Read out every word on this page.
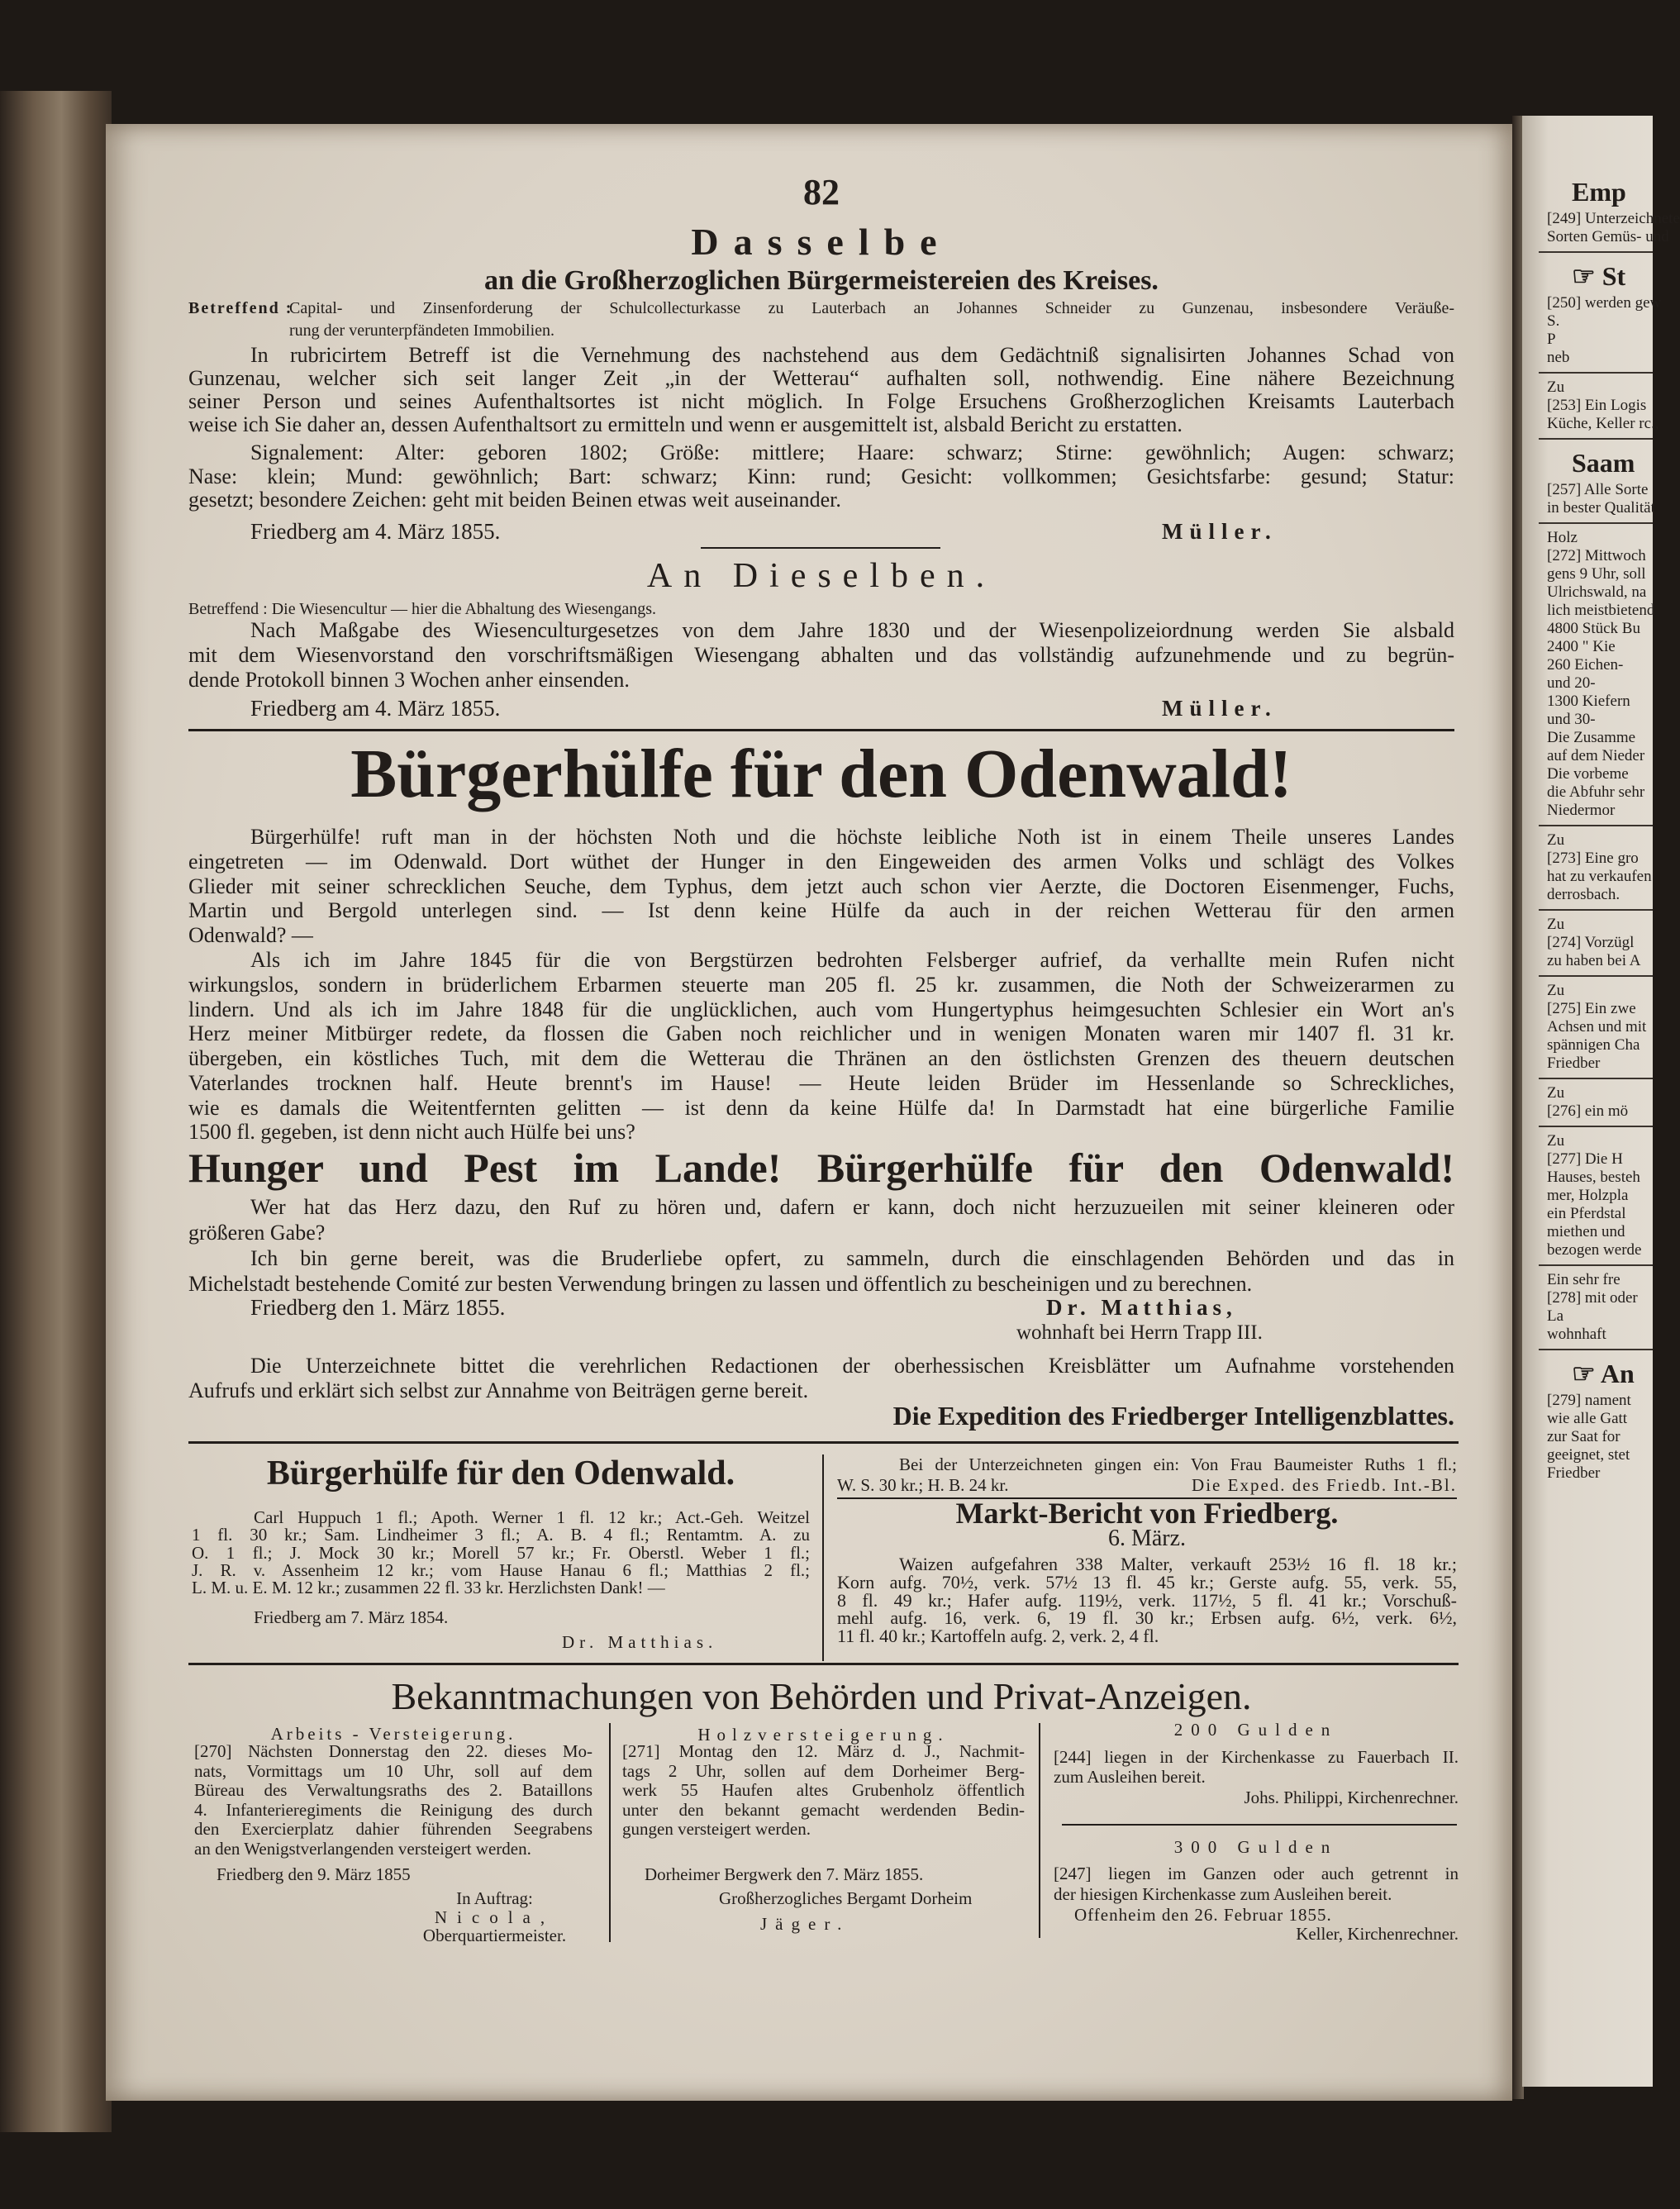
Emp
[249] Unterzeichnete
Sorten Gemüs- und
☞ St
[250] werden gew
S.
P
neb
Zu
[253] Ein Logis
Küche, Keller rc.,
Saam
[257] Alle Sorte
in bester Qualität
Holz
[272] Mittwoch
gens 9 Uhr, soll
Ulrichswald, na
lich meistbietend
4800 Stück Bu
2400 " Kie
260 Eichen-
und 20-
1300 Kiefern
und 30-
Die Zusamme
auf dem Nieder
Die vorbeme
die Abfuhr sehr
Niedermor
Zu
[273] Eine gro
hat zu verkaufen
derrosbach.
Zu
[274] Vorzügl
zu haben bei A
Zu
[275] Ein zwe
Achsen und mit
spännigen Cha
Friedber
Zu
[276] ein mö
Zu
[277] Die H
Hauses, besteh
mer, Holzpla
ein Pferdstal
miethen und
bezogen werde
Ein sehr fre
[278] mit oder
La
wohnhaft
☞ An
[279] nament
wie alle Gatt
zur Saat for
geeignet, stet
Friedber
82
Dasselbe
an die Großherzoglichen Bürgermeistereien des Kreises.
Betreffend :
Capital- und Zinsenforderung der Schulcollecturkasse zu Lauterbach an Johannes Schneider zu Gunzenau, insbesondere Veräuße-
rung der verunterpfändeten Immobilien.
In rubricirtem Betreff ist die Vernehmung des nachstehend aus dem Gedächtniß signalisirten Johannes Schad von
Gunzenau, welcher sich seit langer Zeit „in der Wetterau“ aufhalten soll, nothwendig. Eine nähere Bezeichnung
seiner Person und seines Aufenthaltsortes ist nicht möglich. In Folge Ersuchens Großherzoglichen Kreisamts Lauterbach
weise ich Sie daher an, dessen Aufenthaltsort zu ermitteln und wenn er ausgemittelt ist, alsbald Bericht zu erstatten.
Signalement: Alter: geboren 1802; Größe: mittlere; Haare: schwarz; Stirne: gewöhnlich; Augen: schwarz;
Nase: klein; Mund: gewöhnlich; Bart: schwarz; Kinn: rund; Gesicht: vollkommen; Gesichtsfarbe: gesund; Statur:
gesetzt; besondere Zeichen: geht mit beiden Beinen etwas weit auseinander.
Friedberg am 4. März 1855.	Müller.
An Dieselben.
Betreffend : Die Wiesencultur — hier die Abhaltung des Wiesengangs.
Nach Maßgabe des Wiesenculturgesetzes von dem Jahre 1830 und der Wiesenpolizeiordnung werden Sie alsbald
mit dem Wiesenvorstand den vorschriftsmäßigen Wiesengang abhalten und das vollständig aufzunehmende und zu begrün-
dende Protokoll binnen 3 Wochen anher einsenden.
Friedberg am 4. März 1855.	Müller.
Bürgerhülfe für den Odenwald!
Bürgerhülfe! ruft man in der höchsten Noth und die höchste leibliche Noth ist in einem Theile unseres Landes
eingetreten — im Odenwald. Dort wüthet der Hunger in den Eingeweiden des armen Volks und schlägt des Volkes
Glieder mit seiner schrecklichen Seuche, dem Typhus, dem jetzt auch schon vier Aerzte, die Doctoren Eisenmenger, Fuchs,
Martin und Bergold unterlegen sind. — Ist denn keine Hülfe da auch in der reichen Wetterau für den armen
Odenwald? —
Als ich im Jahre 1845 für die von Bergstürzen bedrohten Felsberger aufrief, da verhallte mein Rufen nicht
wirkungslos, sondern in brüderlichem Erbarmen steuerte man 205 fl. 25 kr. zusammen, die Noth der Schweizerarmen zu
lindern. Und als ich im Jahre 1848 für die unglücklichen, auch vom Hungertyphus heimgesuchten Schlesier ein Wort an's
Herz meiner Mitbürger redete, da flossen die Gaben noch reichlicher und in wenigen Monaten waren mir 1407 fl. 31 kr.
übergeben, ein köstliches Tuch, mit dem die Wetterau die Thränen an den östlichsten Grenzen des theuern deutschen
Vaterlandes trocknen half. Heute brennt's im Hause! — Heute leiden Brüder im Hessenlande so Schreckliches,
wie es damals die Weitentfernten gelitten — ist denn da keine Hülfe da! In Darmstadt hat eine bürgerliche Familie
1500 fl. gegeben, ist denn nicht auch Hülfe bei uns?
Hunger und Pest im Lande! Bürgerhülfe für den Odenwald!
Wer hat das Herz dazu, den Ruf zu hören und, dafern er kann, doch nicht herzuzueilen mit seiner kleineren oder
größeren Gabe?
Ich bin gerne bereit, was die Bruderliebe opfert, zu sammeln, durch die einschlagenden Behörden und das in
Michelstadt bestehende Comité zur besten Verwendung bringen zu lassen und öffentlich zu bescheinigen und zu berechnen.
Friedberg den 1. März 1855.	Dr. Matthias,
wohnhaft bei Herrn Trapp III.
Die Unterzeichnete bittet die verehrlichen Redactionen der oberhessischen Kreisblätter um Aufnahme vorstehenden
Aufrufs und erklärt sich selbst zur Annahme von Beiträgen gerne bereit.
Die Expedition des Friedberger Intelligenzblattes.
Bürgerhülfe für den Odenwald.
Carl Huppuch 1 fl.; Apoth. Werner 1 fl. 12 kr.; Act.-Geh. Weitzel
1 fl. 30 kr.; Sam. Lindheimer 3 fl.; A. B. 4 fl.; Rentamtm. A. zu
O. 1 fl.; J. Mock 30 kr.; Morell 57 kr.; Fr. Oberstl. Weber 1 fl.;
J. R. v. Assenheim 12 kr.; vom Hause Hanau 6 fl.; Matthias 2 fl.;
L. M. u. E. M. 12 kr.; zusammen 22 fl. 33 kr. Herzlichsten Dank! —
Friedberg am 7. März 1854.
Dr. Matthias.
Bei der Unterzeichneten gingen ein: Von Frau Baumeister Ruths 1 fl.;
W. S. 30 kr.; H. B. 24 kr.	Die Exped. des Friedb. Int.-Bl.
Markt-Bericht von Friedberg.
6. März.
Waizen aufgefahren 338 Malter, verkauft 253½ 16 fl. 18 kr.;
Korn aufg. 70½, verk. 57½ 13 fl. 45 kr.; Gerste aufg. 55, verk. 55,
8 fl. 49 kr.; Hafer aufg. 119½, verk. 117½, 5 fl. 41 kr.; Vorschuß-
mehl aufg. 16, verk. 6, 19 fl. 30 kr.; Erbsen aufg. 6½, verk. 6½,
11 fl. 40 kr.; Kartoffeln aufg. 2, verk. 2, 4 fl.
Bekanntmachungen von Behörden und Privat-Anzeigen.
Arbeits - Versteigerung.
[270] Nächsten Donnerstag den 22. dieses Mo-
nats, Vormittags um 10 Uhr, soll auf dem
Büreau des Verwaltungsraths des 2. Bataillons
4. Infanterieregiments die Reinigung des durch
den Exercierplatz dahier führenden Seegrabens
an den Wenigstverlangenden versteigert werden.
Friedberg den 9. März 1855
In Auftrag:
Nicola,
Oberquartiermeister.
Holzversteigerung.
[271] Montag den 12. März d. J., Nachmit-
tags 2 Uhr, sollen auf dem Dorheimer Berg-
werk 55 Haufen altes Grubenholz öffentlich
unter den bekannt gemacht werdenden Bedin-
gungen versteigert werden.
Dorheimer Bergwerk den 7. März 1855.
Großherzogliches Bergamt Dorheim
Jäger.
200 Gulden
[244] liegen in der Kirchenkasse zu Fauerbach II.
zum Ausleihen bereit.
Johs. Philippi, Kirchenrechner.
300 Gulden
[247] liegen im Ganzen oder auch getrennt in
der hiesigen Kirchenkasse zum Ausleihen bereit.
Offenheim den 26. Februar 1855.
Keller, Kirchenrechner.
